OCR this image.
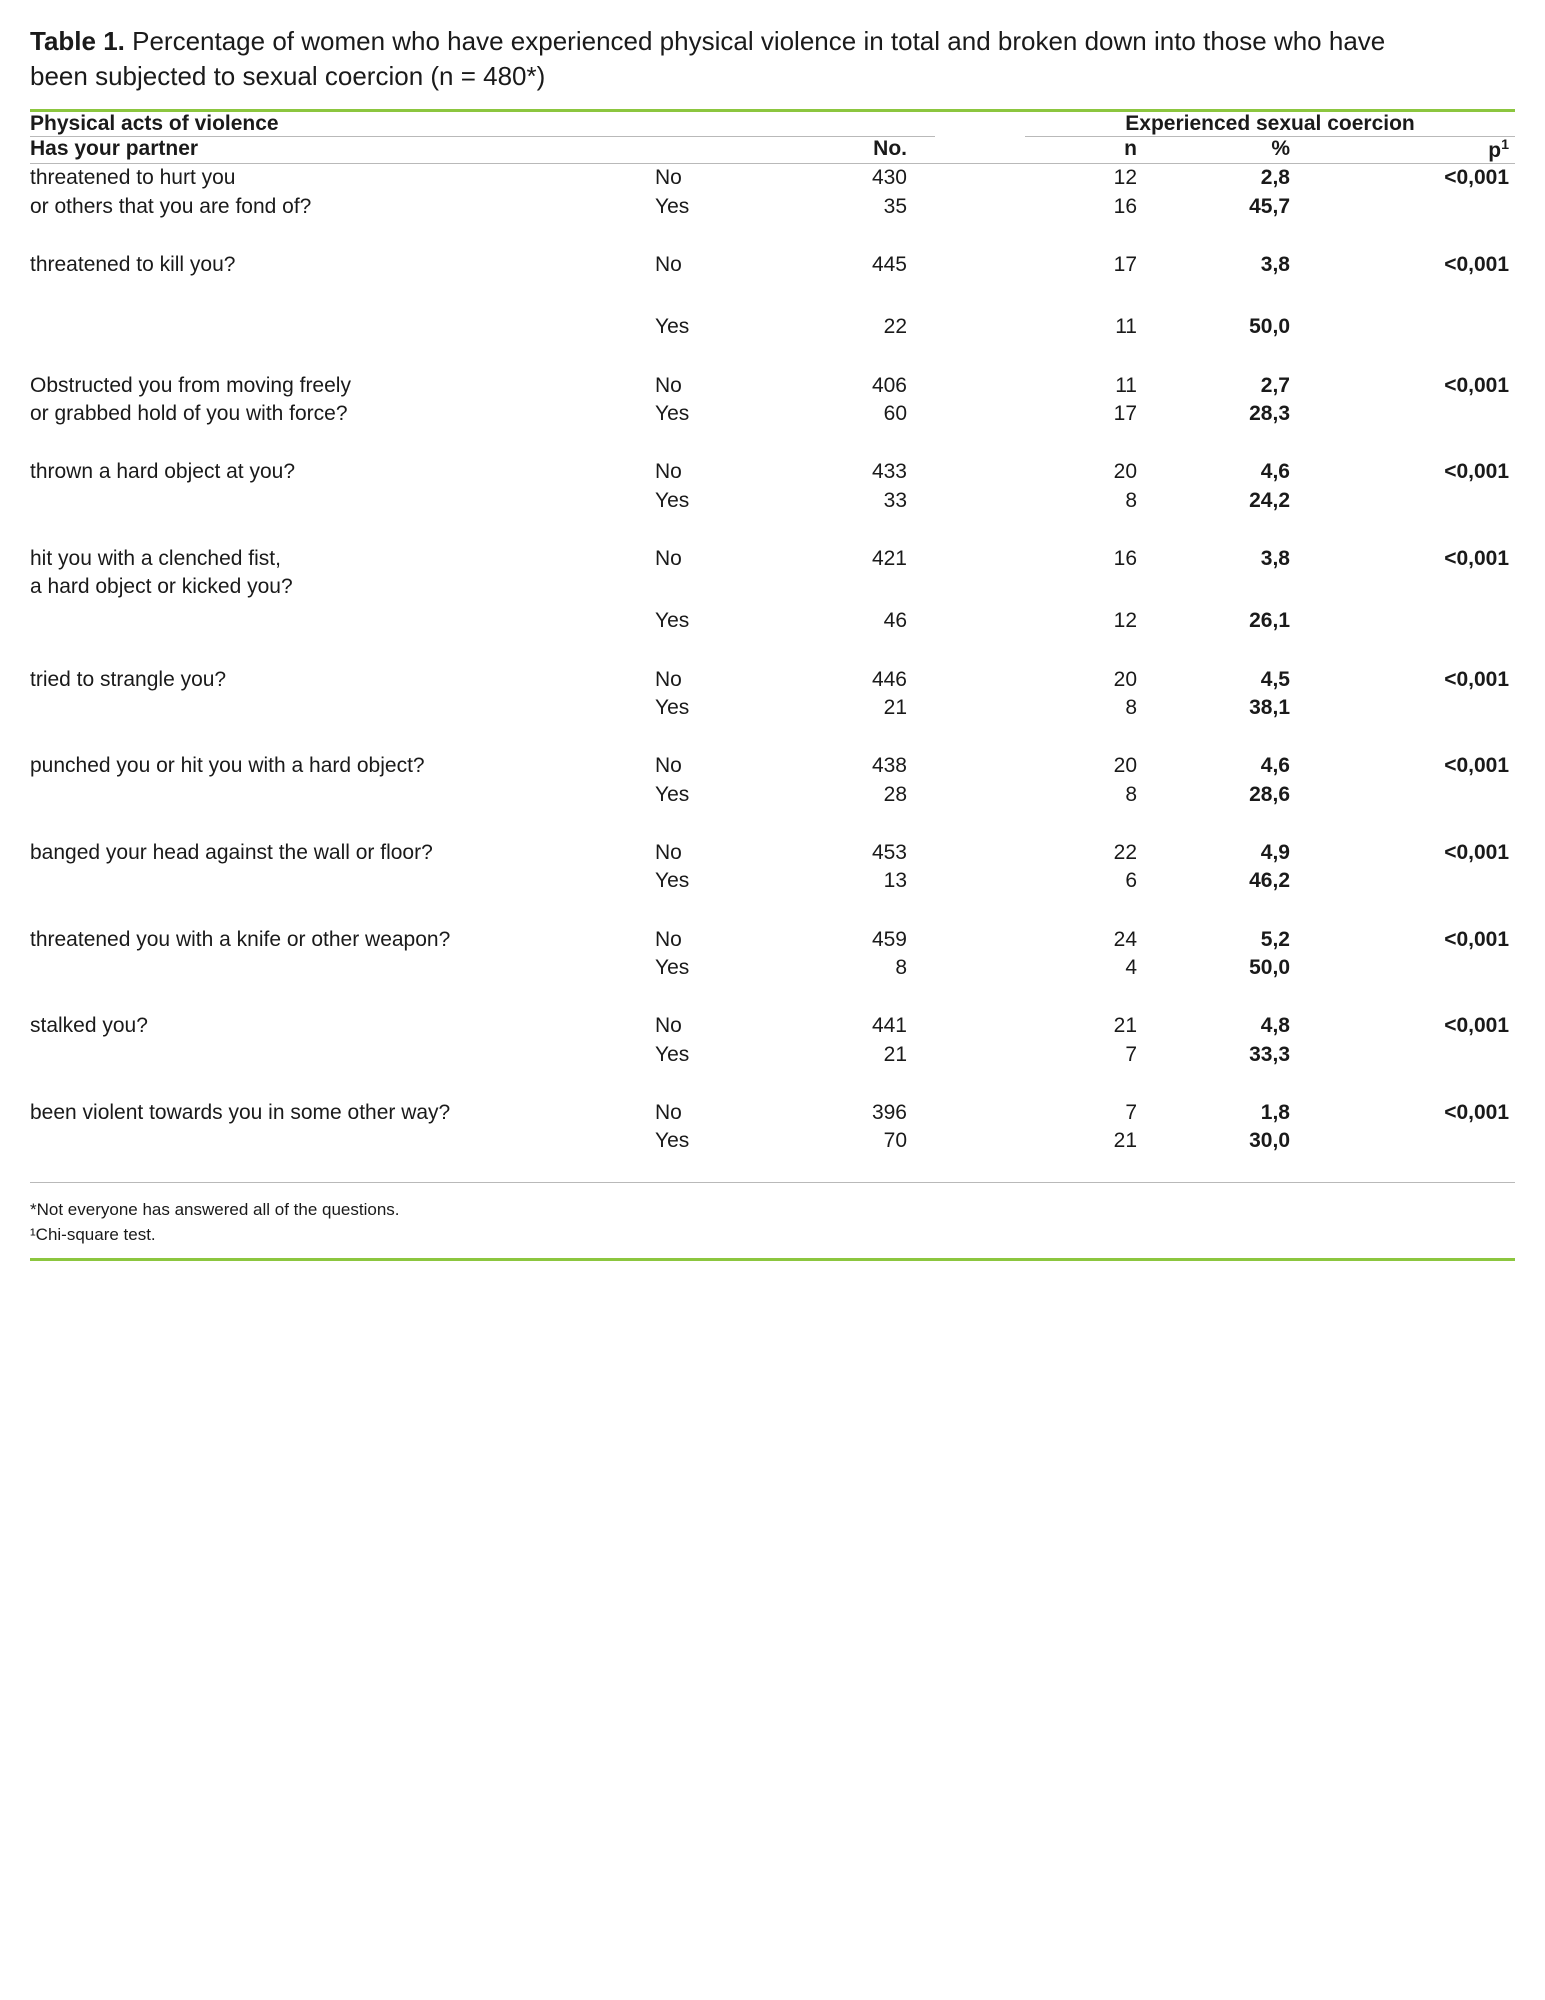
Table 1. Percentage of women who have experienced physical violence in total and broken down into those who have been subjected to sexual coercion (n = 480*)
Physical acts of violence				Experienced sexual coercion		
Has your partner		No.		n	%	$p^1$
threatened to hurt you	No	430		12	2,8	<0,001
or others that you are fond of?	Yes	35		16	45,7	

threatened to kill you?	No	445		17	3,8	<0,001
	Yes	22		11	50,0	

Obstructed you from moving freely	No	406		11	2,7	<0,001
or grabbed hold of you with force?	Yes	60		17	28,3	

thrown a hard object at you?	No	433		20	4,6	<0,001
	Yes	33		8	24,2	

hit you with a clenched fist,	No	421		16	3,8	<0,001
a hard object or kicked you?	Yes	46		12	26,1	

tried to strangle you?	No	446		20	4,5	<0,001
	Yes	21		8	38,1	

punched you or hit you with a hard object?	No	438		20	4,6	<0,001
	Yes	28		8	28,6	

banged your head against the wall or floor?	No	453		22	4,9	<0,001
	Yes	13		6	46,2	

threatened you with a knife or other weapon?	No	459		24	5,2	<0,001
	Yes	8		4	50,0	

stalked you?	No	441		21	4,8	<0,001
	Yes	21		7	33,3	

been violent towards you in some other way?	No	396		7	1,8	<0,001
	Yes	70		21	30,0	
*Not everyone has answered all of the questions.
¹Chi-square test.
